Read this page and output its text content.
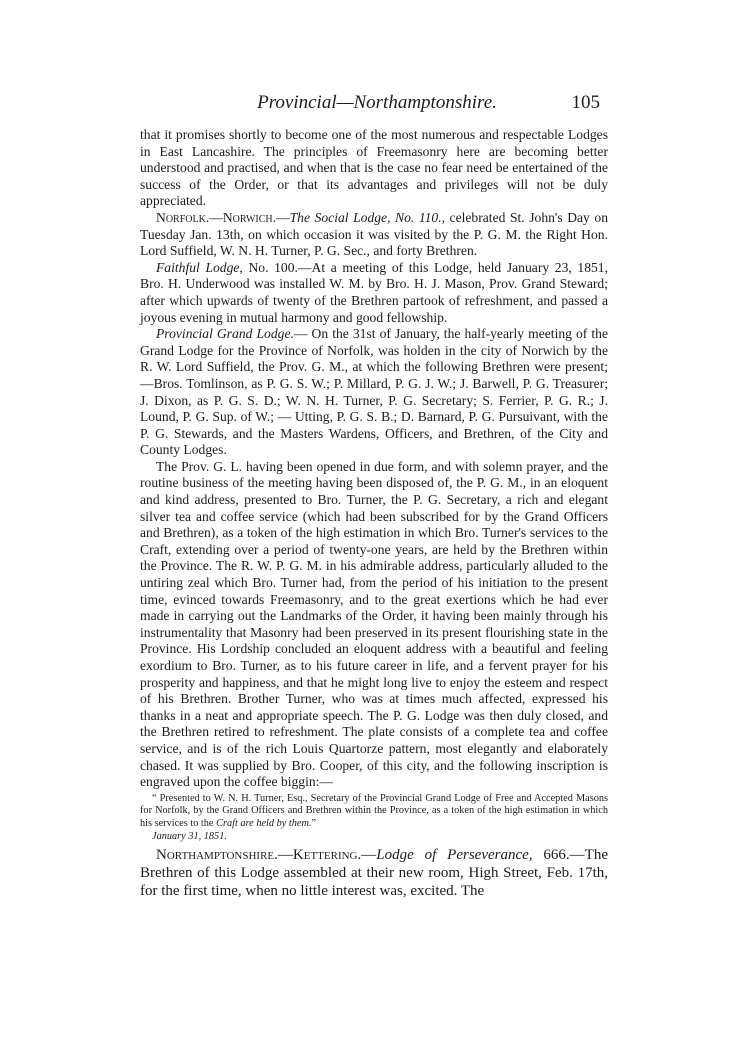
Provincial—Northamptonshire.	105

that it promises shortly to become one of the most numerous and respectable Lodges in East Lancashire. The principles of Freemasonry here are becoming better understood and practised, and when that is the case no fear need be entertained of the success of the Order, or that its advantages and privileges will not be duly appreciated.

Norfolk.—Norwich.—The Social Lodge, No. 110., celebrated St. John's Day on Tuesday Jan. 13th, on which occasion it was visited by the P. G. M. the Right Hon. Lord Suffield, W. N. H. Turner, P. G. Sec., and forty Brethren.

Faithful Lodge, No. 100.—At a meeting of this Lodge, held January 23, 1851, Bro. H. Underwood was installed W. M. by Bro. H. J. Mason, Prov. Grand Steward; after which upwards of twenty of the Brethren partook of refreshment, and passed a joyous evening in mutual harmony and good fellowship.

Provincial Grand Lodge.— On the 31st of January, the half-yearly meeting of the Grand Lodge for the Province of Norfolk, was holden in the city of Norwich by the R. W. Lord Suffield, the Prov. G. M., at which the following Brethren were present;—Bros. Tomlinson, as P. G. S. W.; P. Millard, P. G. J. W.; J. Barwell, P. G. Treasurer; J. Dixon, as P. G. S. D.; W. N. H. Turner, P. G. Secretary; S. Ferrier, P. G. R.; J. Lound, P. G. Sup. of W.; — Utting, P. G. S. B.; D. Barnard, P. G. Pursuivant, with the P. G. Stewards, and the Masters Wardens, Officers, and Brethren, of the City and County Lodges.

The Prov. G. L. having been opened in due form, and with solemn prayer, and the routine business of the meeting having been disposed of, the P. G. M., in an eloquent and kind address, presented to Bro. Turner, the P. G. Secretary, a rich and elegant silver tea and coffee service (which had been subscribed for by the Grand Officers and Brethren), as a token of the high estimation in which Bro. Turner's services to the Craft, extending over a period of twenty-one years, are held by the Brethren within the Province. The R. W. P. G. M. in his admirable address, particularly alluded to the untiring zeal which Bro. Turner had, from the period of his initiation to the present time, evinced towards Freemasonry, and to the great exertions which he had ever made in carrying out the Landmarks of the Order, it having been mainly through his instrumentality that Masonry had been preserved in its present flourishing state in the Province. His Lordship concluded an eloquent address with a beautiful and feeling exordium to Bro. Turner, as to his future career in life, and a fervent prayer for his prosperity and happiness, and that he might long live to enjoy the esteem and respect of his Brethren. Brother Turner, who was at times much affected, expressed his thanks in a neat and appropriate speech. The P. G. Lodge was then duly closed, and the Brethren retired to refreshment. The plate consists of a complete tea and coffee service, and is of the rich Louis Quartorze pattern, most elegantly and elaborately chased. It was supplied by Bro. Cooper, of this city, and the following inscription is engraved upon the coffee biggin:—

“ Presented to W. N. H. Turner, Esq., Secretary of the Provincial Grand Lodge of Free and Accepted Masons for Norfolk, by the Grand Officers and Brethren within the Province, as a token of the high estimation in which his services to the Craft are held by them.”

January 31, 1851.

Northamptonshire.—Kettering.—Lodge of Perseverance, 666.—The Brethren of this Lodge assembled at their new room, High Street, Feb. 17th, for the first time, when no little interest was, excited. The
